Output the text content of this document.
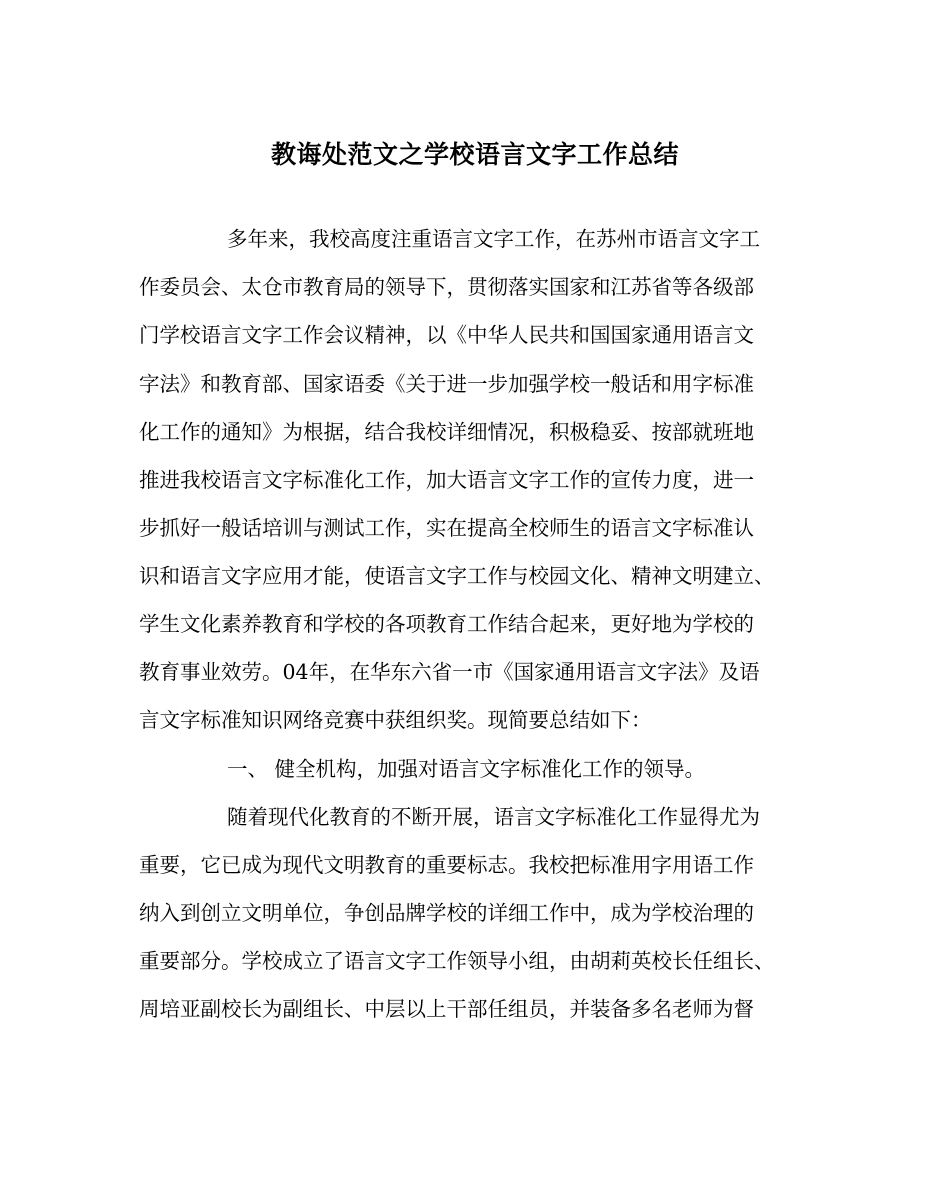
教诲处范文之学校语言文字工作总结
多年来，我校高度注重语言文字工作，在苏州市语言文字工
作委员会、太仓市教育局的领导下，贯彻落实国家和江苏省等各级部
门学校语言文字工作会议精神，以《中华人民共和国国家通用语言文
字法》和教育部、国家语委《关于进一步加强学校一般话和用字标准
化工作的通知》为根据，结合我校详细情况，积极稳妥、按部就班地
推进我校语言文字标准化工作，加大语言文字工作的宣传力度，进一
步抓好一般话培训与测试工作，实在提高全校师生的语言文字标准认
识和语言文字应用才能，使语言文字工作与校园文化、精神文明建立、
学生文化素养教育和学校的各项教育工作结合起来，更好地为学校的
教育事业效劳。04年，在华东六省一市《国家通用语言文字法》及语
言文字标准知识网络竞赛中获组织奖。现简要总结如下：
一、 健全机构，加强对语言文字标准化工作的领导。
随着现代化教育的不断开展，语言文字标准化工作显得尤为
重要，它已成为现代文明教育的重要标志。我校把标准用字用语工作
纳入到创立文明单位，争创品牌学校的详细工作中，成为学校治理的
重要部分。学校成立了语言文字工作领导小组，由胡莉英校长任组长、
周培亚副校长为副组长、中层以上干部任组员，并装备多名老师为督
